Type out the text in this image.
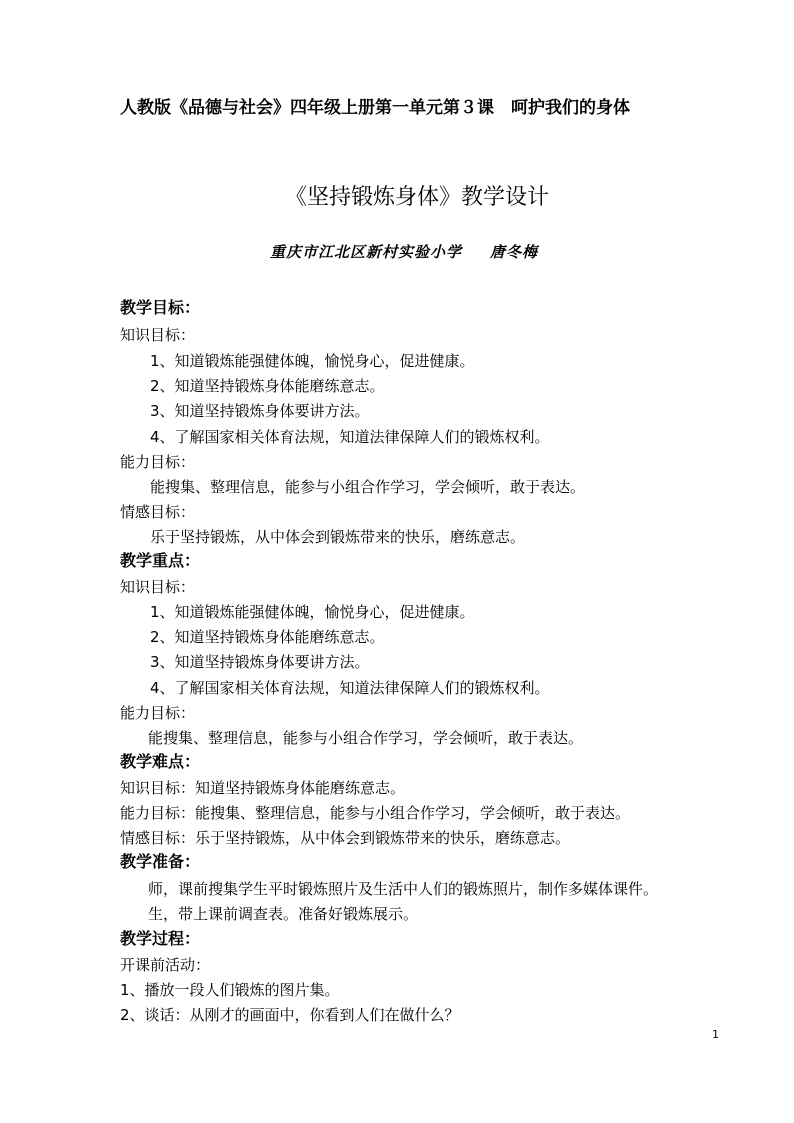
人教版《品德与社会》四年级上册第一单元第３课　呵护我们的身体
《坚持锻炼身体》教学设计
重庆市江北区新村实验小学 唐冬梅
教学目标：
知识目标：
1、知道锻炼能强健体魄，愉悦身心，促进健康。
2、知道坚持锻炼身体能磨练意志。
3、知道坚持锻炼身体要讲方法。
4、了解国家相关体育法规，知道法律保障人们的锻炼权利。
能力目标：
能搜集、整理信息，能参与小组合作学习，学会倾听，敢于表达。
情感目标：
乐于坚持锻炼，从中体会到锻炼带来的快乐，磨练意志。
教学重点：
知识目标：
1、知道锻炼能强健体魄，愉悦身心，促进健康。
2、知道坚持锻炼身体能磨练意志。
3、知道坚持锻炼身体要讲方法。
4、了解国家相关体育法规，知道法律保障人们的锻炼权利。
能力目标：
能搜集、整理信息，能参与小组合作学习，学会倾听，敢于表达。
教学难点：
知识目标：知道坚持锻炼身体能磨练意志。
能力目标：能搜集、整理信息，能参与小组合作学习，学会倾听，敢于表达。
情感目标：乐于坚持锻炼，从中体会到锻炼带来的快乐，磨练意志。
教学准备：
师，课前搜集学生平时锻炼照片及生活中人们的锻炼照片，制作多媒体课件。
生，带上课前调查表。准备好锻炼展示。
教学过程：
开课前活动：
1、播放一段人们锻炼的图片集。
2、谈话：从刚才的画面中，你看到人们在做什么？
1
